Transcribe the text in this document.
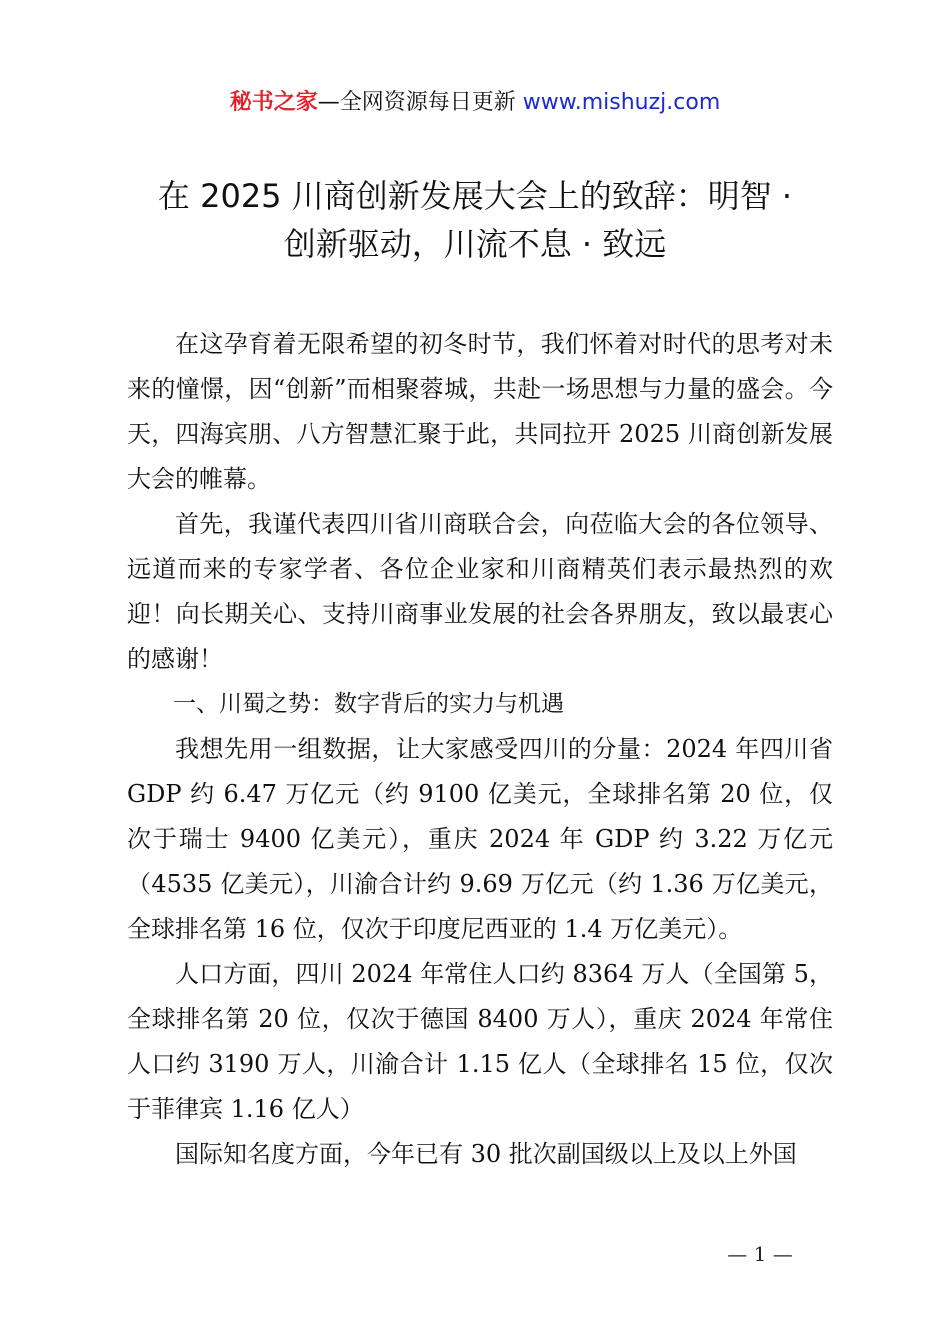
秘书之家—全网资源每日更新 www.mishuzj.com
在 2025 川商创新发展大会上的致辞：明智 ·
创新驱动，川流不息 · 致远

在这孕育着无限希望的初冬时节，我们怀着对时代的思考对未来的憧憬，因“创新”而相聚蓉城，共赴一场思想与力量的盛会。今天，四海宾朋、八方智慧汇聚于此，共同拉开 2025 川商创新发展大会的帷幕。

首先，我谨代表四川省川商联合会，向莅临大会的各位领导、远道而来的专家学者、各位企业家和川商精英们表示最热烈的欢迎！向长期关心、支持川商事业发展的社会各界朋友，致以最衷心的感谢！

一、川蜀之势：数字背后的实力与机遇

我想先用一组数据，让大家感受四川的分量：2024 年四川省 GDP 约 6.47 万亿元（约 9100 亿美元，全球排名第 20 位，仅次于瑞士 9400 亿美元），重庆 2024 年 GDP 约 3.22 万亿元（4535 亿美元），川渝合计约 9.69 万亿元（约 1.36 万亿美元，全球排名第 16 位，仅次于印度尼西亚的 1.4 万亿美元）。

人口方面，四川 2024 年常住人口约 8364 万人（全国第 5，全球排名第 20 位，仅次于德国 8400 万人），重庆 2024 年常住人口约 3190 万人，川渝合计 1.15 亿人（全球排名 15 位，仅次于菲律宾 1.16 亿人）

国际知名度方面，今年已有 30 批次副国级以上及以上外国

— 1 —
